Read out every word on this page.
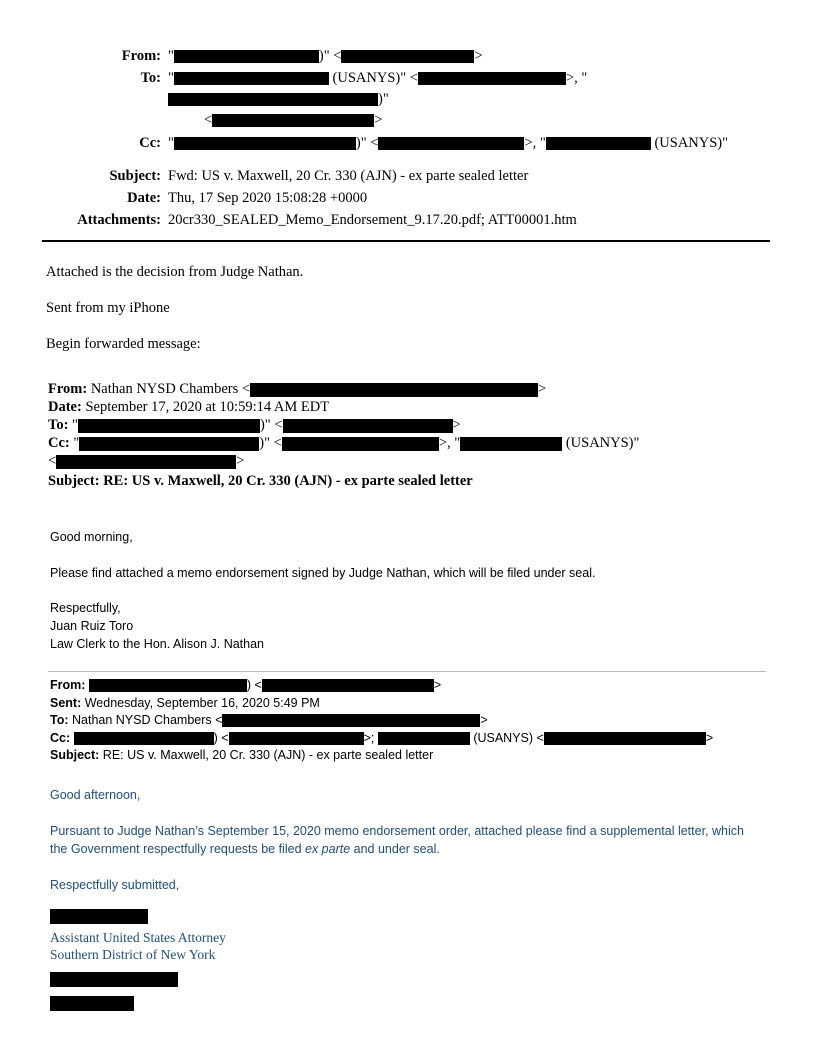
From: "	)" <	>
To: "	(USANYS)" <	>, ")"
<	>
Cc: "	)" <	>, "	(USANYS)"
Subject: Fwd: US v. Maxwell, 20 Cr. 330 (AJN) - ex parte sealed letter
Date: Thu, 17 Sep 2020 15:08:28 +0000
Attachments: 20cr330_SEALED_Memo_Endorsement_9.17.20.pdf; ATT00001.htm
Attached is the decision from Judge Nathan.
Sent from my iPhone
Begin forwarded message:
From: Nathan NYSD Chambers <	>
Date: September 17, 2020 at 10:59:14 AM EDT
To: "	)" <	>
Cc: "	)" <	>, "	(USANYS)"
<	>
Subject: RE: US v. Maxwell, 20 Cr. 330 (AJN) - ex parte sealed letter
Good morning,
Please find attached a memo endorsement signed by Judge Nathan, which will be filed under seal.
Respectfully,
Juan Ruiz Toro
Law Clerk to the Hon. Alison J. Nathan
From:	) <	>
Sent: Wednesday, September 16, 2020 5:49 PM
To: Nathan NYSD Chambers <	>
Cc:	) <	>;	(USANYS) <	>
Subject: RE: US v. Maxwell, 20 Cr. 330 (AJN) - ex parte sealed letter
Good afternoon,
Pursuant to Judge Nathan’s September 15, 2020 memo endorsement order, attached please find a supplemental letter, which the Government respectfully requests be filed ex parte and under seal.
Respectfully submitted,
Assistant United States Attorney
Southern District of New York
